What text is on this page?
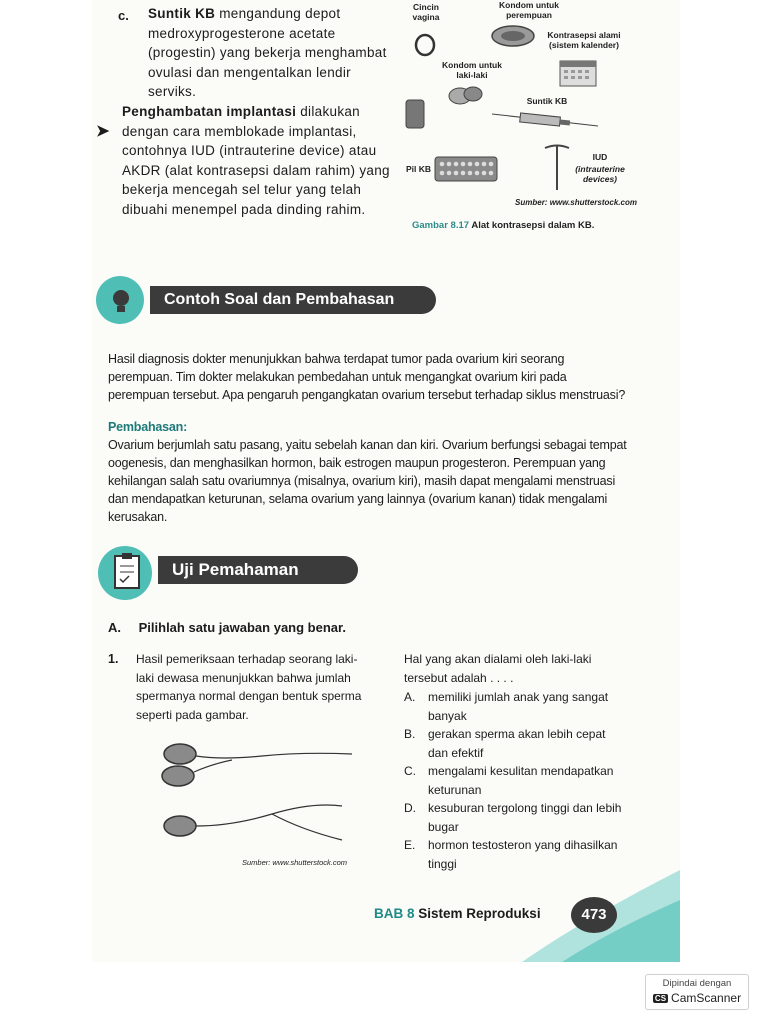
c. Suntik KB mengandung depot medroxyprogesterone acetate (progestin) yang bekerja menghambat ovulasi dan mengentalkan lendir serviks.

➤

Penghambatan implantasi dilakukan dengan cara memblokade implantasi, contohnya IUD (intrauterine device) atau AKDR (alat kontrasepsi dalam rahim) yang bekerja mencegah sel telur yang telah dibuahi menempel pada dinding rahim.

Cincin vagina
Kondom untuk perempuan
Kontrasepsi alami (sistem kalender)
Kondom untuk laki-laki
Suntik KB
Pil KB
IUD
(intrauterine devices)
Sumber: www.shutterstock.com
Gambar 8.17 Alat kontrasepsi dalam KB.
Contoh Soal dan Pembahasan

Hasil diagnosis dokter menunjukkan bahwa terdapat tumor pada ovarium kiri seorang perempuan. Tim dokter melakukan pembedahan untuk mengangkat ovarium kiri pada perempuan tersebut. Apa pengaruh pengangkatan ovarium tersebut terhadap siklus menstruasi?

Pembahasan:

Ovarium berjumlah satu pasang, yaitu sebelah kanan dan kiri. Ovarium berfungsi sebagai tempat oogenesis, dan menghasilkan hormon, baik estrogen maupun progesteron. Perempuan yang kehilangan salah satu ovariumnya (misalnya, ovarium kiri), masih dapat mengalami menstruasi dan mendapatkan keturunan, selama ovarium yang lainnya (ovarium kanan) tidak mengalami kerusakan.

Uji Pemahaman
A. Pilihlah satu jawaban yang benar.
1. Hasil pemeriksaan terhadap seorang laki-laki dewasa menunjukkan bahwa jumlah spermanya normal dengan bentuk sperma seperti pada gambar.
Sumber: www.shutterstock.com
Hal yang akan dialami oleh laki-laki tersebut adalah . . . .
A.	memiliki jumlah anak yang sangat banyak
B.	gerakan sperma akan lebih cepat dan efektif
C.	mengalami kesulitan mendapatkan keturunan
D.	kesuburan tergolong tinggi dan lebih bugar
E.	hormon testosteron yang dihasilkan tinggi
BAB 8 Sistem Reproduksi	473
Dipindai dengan
CS CamScanner
